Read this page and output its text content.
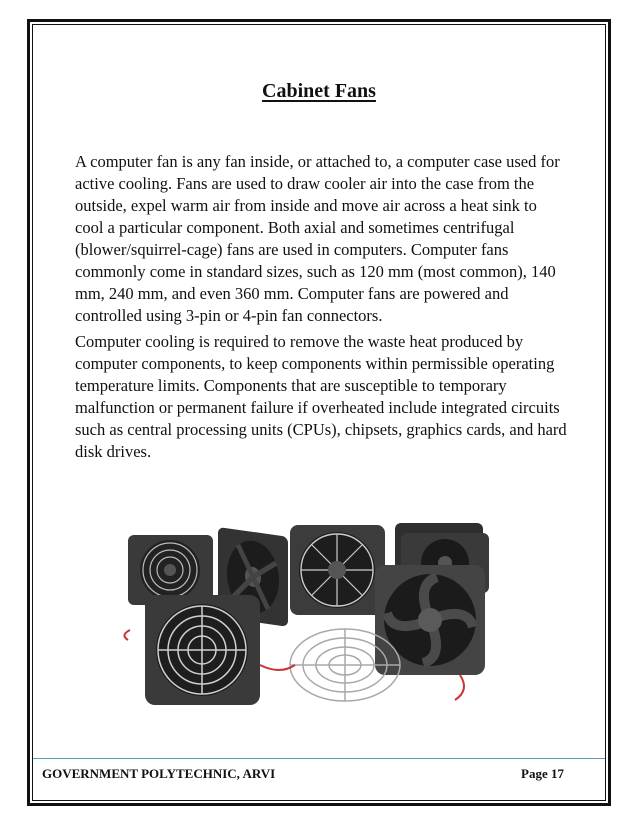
Cabinet Fans

A computer fan is any fan inside, or attached to, a computer case used for active cooling. Fans are used to draw cooler air into the case from the outside, expel warm air from inside and move air across a heat sink to cool a particular component. Both axial and sometimes centrifugal (blower/squirrel-cage) fans are used in computers. Computer fans commonly come in standard sizes, such as 120 mm (most common), 140 mm, 240 mm, and even 360 mm. Computer fans are powered and controlled using 3-pin or 4-pin fan connectors.

Computer cooling is required to remove the waste heat produced by computer components, to keep components within permissible operating temperature limits. Components that are susceptible to temporary malfunction or permanent failure if overheated include integrated circuits such as central processing units (CPUs), chipsets, graphics cards, and hard disk drives.

GOVERNMENT POLYTECHNIC, ARVI	Page 17
